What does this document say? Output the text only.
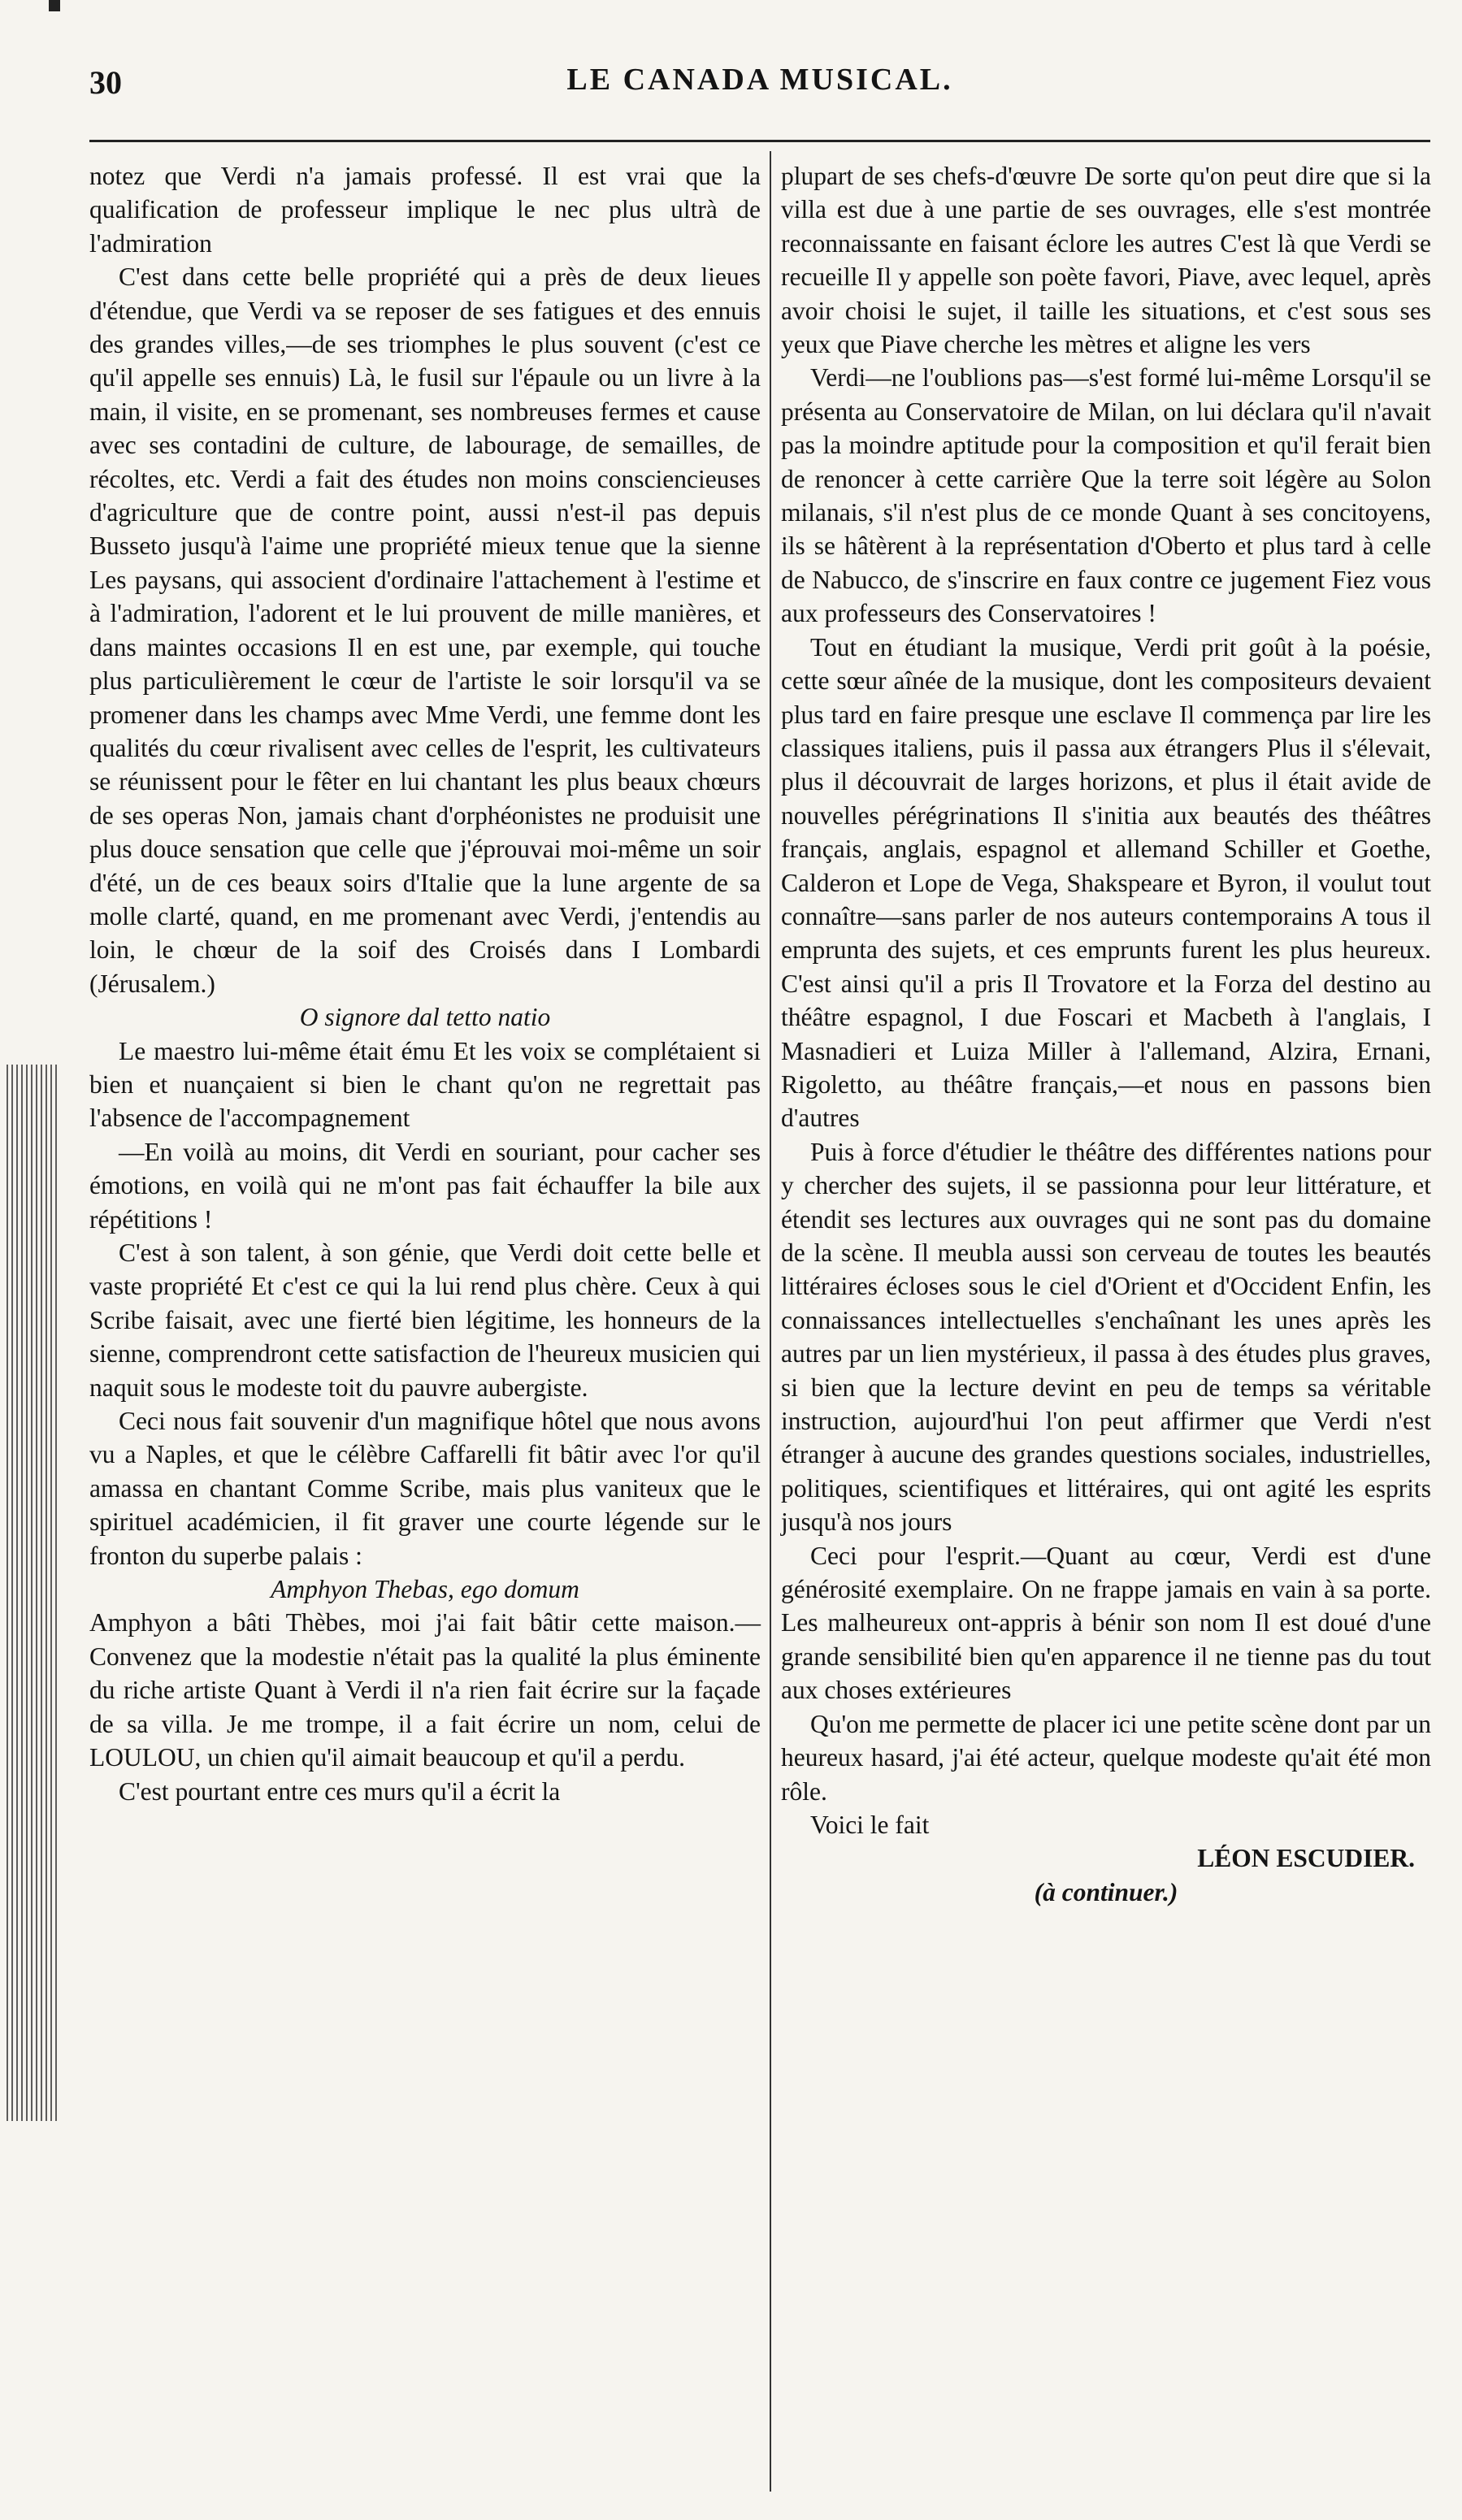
30	LE CANADA MUSICAL.

notez que Verdi n'a jamais professé. Il est vrai que la qualification de professeur implique le nec plus ultrà de l'admiration

C'est dans cette belle propriété qui a près de deux lieues d'étendue, que Verdi va se reposer de ses fatigues et des ennuis des grandes villes,—de ses triomphes le plus souvent (c'est ce qu'il appelle ses ennuis) Là, le fusil sur l'épaule ou un livre à la main, il visite, en se promenant, ses nombreuses fermes et cause avec ses contadini de culture, de labourage, de semailles, de récoltes, etc. Verdi a fait des études non moins consciencieuses d'agriculture que de contre point, aussi n'est-il pas depuis Busseto jusqu'à l'aime une propriété mieux tenue que la sienne Les paysans, qui associent d'ordinaire l'attachement à l'estime et à l'admiration, l'adorent et le lui prouvent de mille manières, et dans maintes occasions Il en est une, par exemple, qui touche plus particulièrement le cœur de l'artiste le soir lorsqu'il va se promener dans les champs avec Mme Verdi, une femme dont les qualités du cœur rivalisent avec celles de l'esprit, les cultivateurs se réunissent pour le fêter en lui chantant les plus beaux chœurs de ses operas Non, jamais chant d'orphéonistes ne produisit une plus douce sensation que celle que j'éprouvai moi-même un soir d'été, un de ces beaux soirs d'Italie que la lune argente de sa molle clarté, quand, en me promenant avec Verdi, j'entendis au loin, le chœur de la soif des Croisés dans I Lombardi (Jérusalem.)

O signore dal tetto natio

Le maestro lui-même était ému Et les voix se complétaient si bien et nuançaient si bien le chant qu'on ne regrettait pas l'absence de l'accompagnement

—En voilà au moins, dit Verdi en souriant, pour cacher ses émotions, en voilà qui ne m'ont pas fait échauffer la bile aux répétitions !

C'est à son talent, à son génie, que Verdi doit cette belle et vaste propriété Et c'est ce qui la lui rend plus chère. Ceux à qui Scribe faisait, avec une fierté bien légitime, les honneurs de la sienne, comprendront cette satisfaction de l'heureux musicien qui naquit sous le modeste toit du pauvre aubergiste.

Ceci nous fait souvenir d'un magnifique hôtel que nous avons vu a Naples, et que le célèbre Caffarelli fit bâtir avec l'or qu'il amassa en chantant Comme Scribe, mais plus vaniteux que le spirituel académicien, il fit graver une courte légende sur le fronton du superbe palais :

Amphyon Thebas, ego domum

Amphyon a bâti Thèbes, moi j'ai fait bâtir cette maison.—Convenez que la modestie n'était pas la qualité la plus éminente du riche artiste Quant à Verdi il n'a rien fait écrire sur la façade de sa villa. Je me trompe, il a fait écrire un nom, celui de LOULOU, un chien qu'il aimait beaucoup et qu'il a perdu.

C'est pourtant entre ces murs qu'il a écrit la

plupart de ses chefs-d'œuvre De sorte qu'on peut dire que si la villa est due à une partie de ses ouvrages, elle s'est montrée reconnaissante en faisant éclore les autres C'est là que Verdi se recueille Il y appelle son poète favori, Piave, avec lequel, après avoir choisi le sujet, il taille les situations, et c'est sous ses yeux que Piave cherche les mètres et aligne les vers

Verdi—ne l'oublions pas—s'est formé lui-même Lorsqu'il se présenta au Conservatoire de Milan, on lui déclara qu'il n'avait pas la moindre aptitude pour la composition et qu'il ferait bien de renoncer à cette carrière Que la terre soit légère au Solon milanais, s'il n'est plus de ce monde Quant à ses concitoyens, ils se hâtèrent à la représentation d'Oberto et plus tard à celle de Nabucco, de s'inscrire en faux contre ce jugement Fiez vous aux professeurs des Conservatoires !

Tout en étudiant la musique, Verdi prit goût à la poésie, cette sœur aînée de la musique, dont les compositeurs devaient plus tard en faire presque une esclave Il commença par lire les classiques italiens, puis il passa aux étrangers Plus il s'élevait, plus il découvrait de larges horizons, et plus il était avide de nouvelles pérégrinations Il s'initia aux beautés des théâtres français, anglais, espagnol et allemand Schiller et Goethe, Calderon et Lope de Vega, Shakspeare et Byron, il voulut tout connaître—sans parler de nos auteurs contemporains A tous il emprunta des sujets, et ces emprunts furent les plus heureux. C'est ainsi qu'il a pris Il Trovatore et la Forza del destino au théâtre espagnol, I due Foscari et Macbeth à l'anglais, I Masnadieri et Luiza Miller à l'allemand, Alzira, Ernani, Rigoletto, au théâtre français,—et nous en passons bien d'autres

Puis à force d'étudier le théâtre des différentes nations pour y chercher des sujets, il se passionna pour leur littérature, et étendit ses lectures aux ouvrages qui ne sont pas du domaine de la scène. Il meubla aussi son cerveau de toutes les beautés littéraires écloses sous le ciel d'Orient et d'Occident Enfin, les connaissances intellectuelles s'enchaînant les unes après les autres par un lien mystérieux, il passa à des études plus graves, si bien que la lecture devint en peu de temps sa véritable instruction, aujourd'hui l'on peut affirmer que Verdi n'est étranger à aucune des grandes questions sociales, industrielles, politiques, scientifiques et littéraires, qui ont agité les esprits jusqu'à nos jours

Ceci pour l'esprit.—Quant au cœur, Verdi est d'une générosité exemplaire. On ne frappe jamais en vain à sa porte. Les malheureux ont-appris à bénir son nom Il est doué d'une grande sensibilité bien qu'en apparence il ne tienne pas du tout aux choses extérieures

Qu'on me permette de placer ici une petite scène dont par un heureux hasard, j'ai été acteur, quelque modeste qu'ait été mon rôle.

Voici le fait

LÉON ESCUDIER.

(à continuer.)
